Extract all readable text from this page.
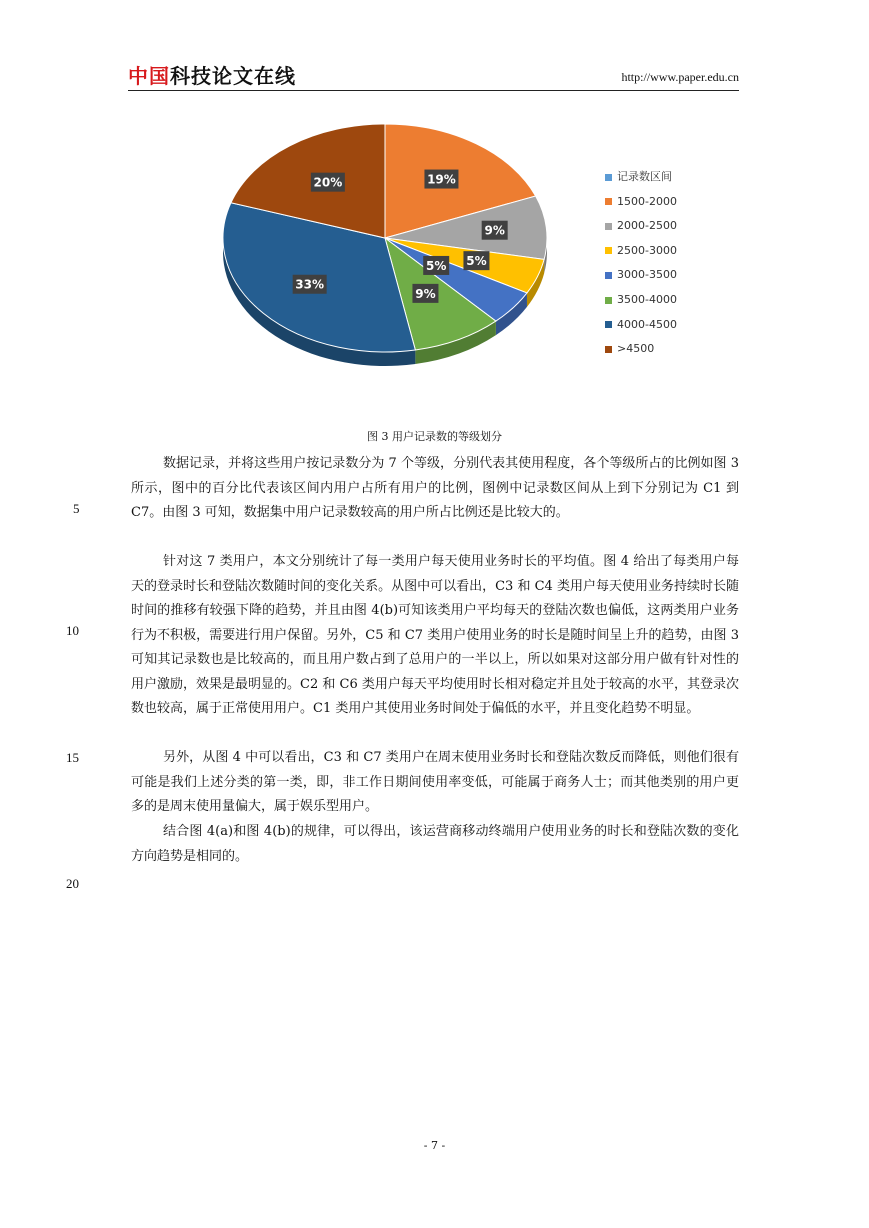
中国科技论文在线	http://www.paper.edu.cn
19%
9%
5%
5%
9%
33%
20%	记录数区间
1500-2000
2000-2500
2500-3000
3000-3500
3500-4000
4000-4500
>4500
图 3 用户记录数的等级划分

数据记录，并将这些用户按记录数分为 7 个等级，分别代表其使用程度，各个等级所占的比例如图 3 所示，图中的百分比代表该区间内用户占所有用户的比例，图例中记录数区间从上到下分别记为 C1 到 C7。由图 3 可知，数据集中用户记录数较高的用户所占比例还是比较大的。

针对这 7 类用户，本文分别统计了每一类用户每天使用业务时长的平均值。图 4 给出了每类用户每天的登录时长和登陆次数随时间的变化关系。从图中可以看出，C3 和 C4 类用户每天使用业务持续时长随时间的推移有较强下降的趋势，并且由图 4(b)可知该类用户平均每天的登陆次数也偏低，这两类用户业务行为不积极，需要进行用户保留。另外，C5 和 C7 类用户使用业务的时长是随时间呈上升的趋势，由图 3 可知其记录数也是比较高的，而且用户数占到了总用户的一半以上，所以如果对这部分用户做有针对性的用户激励，效果是最明显的。C2 和 C6 类用户每天平均使用时长相对稳定并且处于较高的水平，其登录次数也较高，属于正常使用用户。C1 类用户其使用业务时间处于偏低的水平，并且变化趋势不明显。

另外，从图 4 中可以看出，C3 和 C7 类用户在周末使用业务时长和登陆次数反而降低，则他们很有可能是我们上述分类的第一类，即，非工作日期间使用率变低，可能属于商务人士；而其他类别的用户更多的是周末使用量偏大，属于娱乐型用户。

结合图 4(a)和图 4(b)的规律，可以得出，该运营商移动终端用户使用业务的时长和登陆次数的变化方向趋势是相同的。

5
10
15
20
- 7 -
